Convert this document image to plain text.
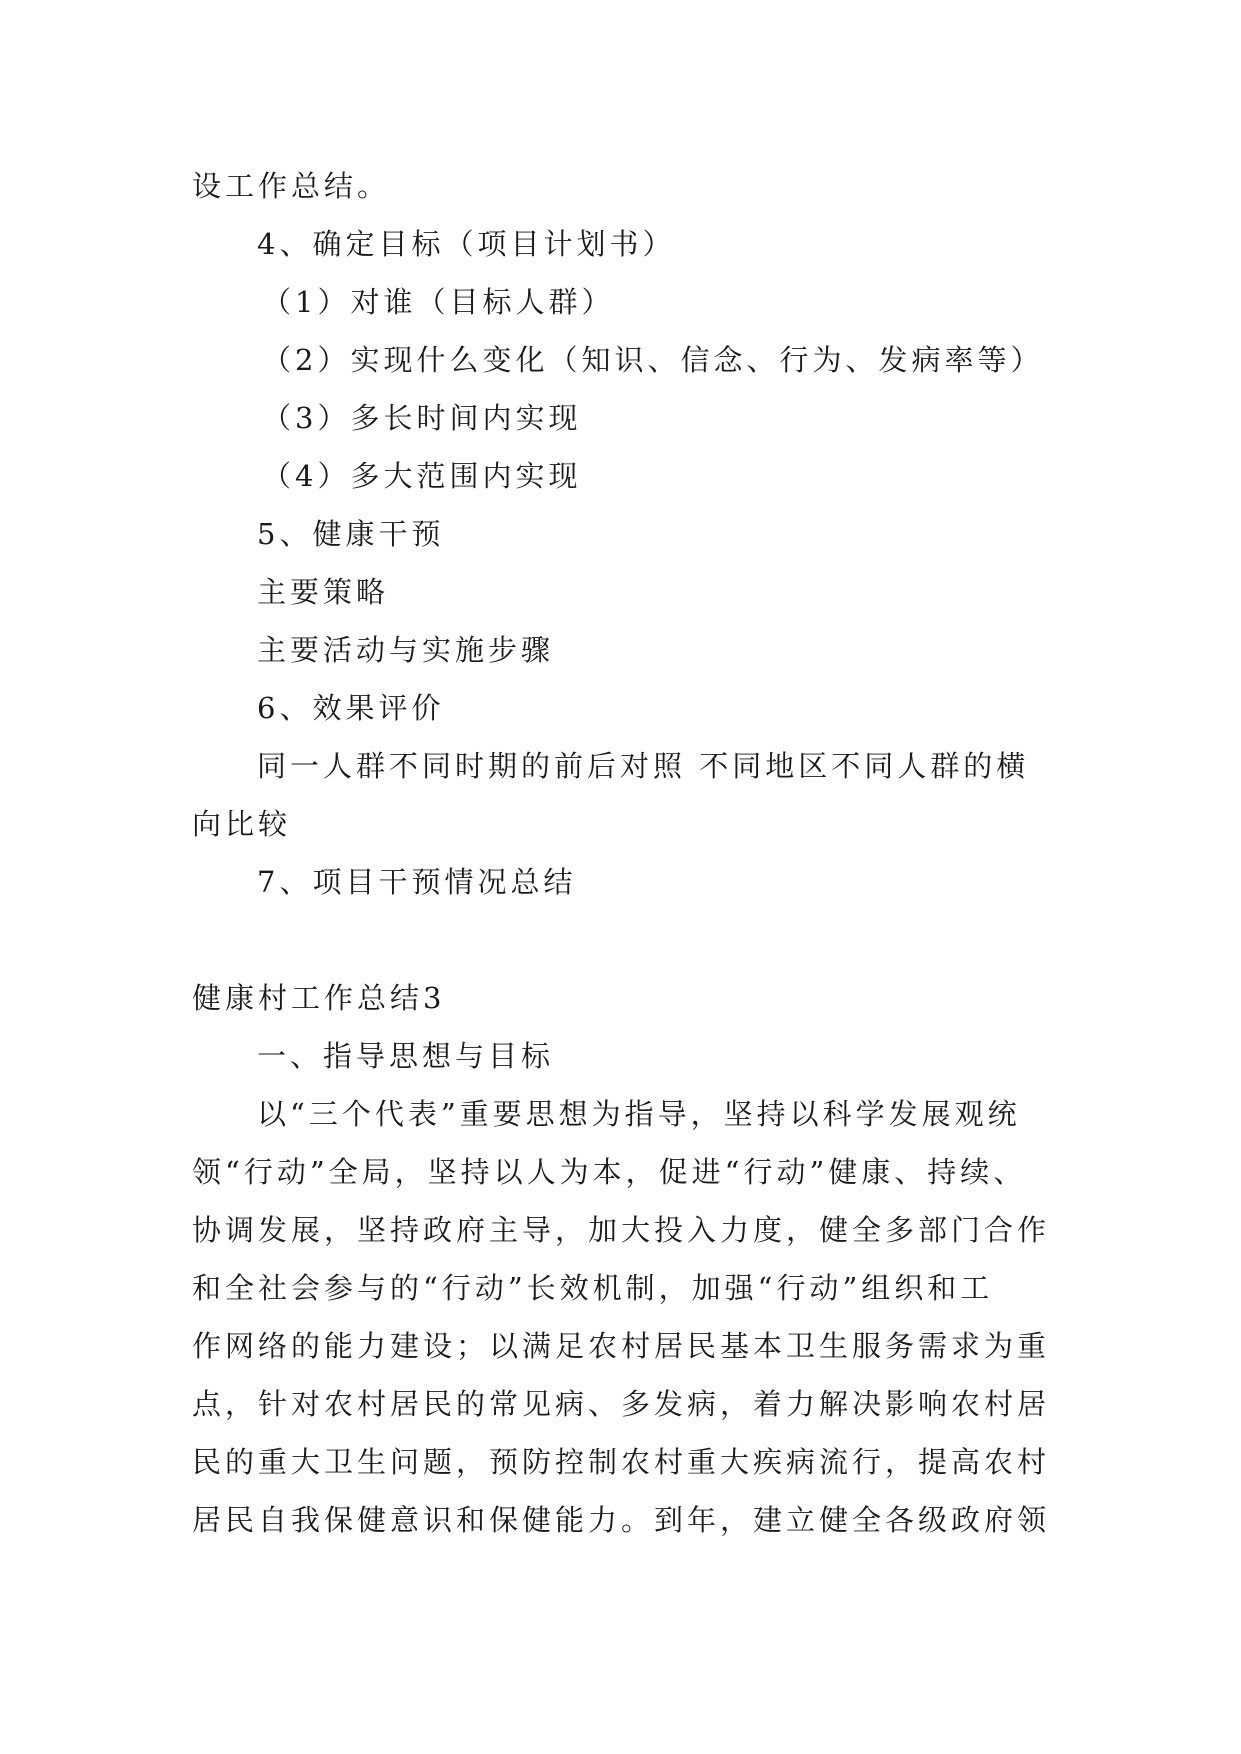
设工作总结。
4、确定目标（项目计划书）
（1）对谁（目标人群）
（2）实现什么变化（知识、信念、行为、发病率等）
（3）多长时间内实现
（4）多大范围内实现
5、健康干预
主要策略
主要活动与实施步骤
6、效果评价
同一人群不同时期的前后对照 不同地区不同人群的横
向比较
7、项目干预情况总结
健康村工作总结3
一、指导思想与目标
以“三个代表”重要思想为指导，坚持以科学发展观统
领“行动”全局，坚持以人为本，促进“行动”健康、持续、
协调发展，坚持政府主导，加大投入力度，健全多部门合作
和全社会参与的“行动”长效机制，加强“行动”组织和工
作网络的能力建设；以满足农村居民基本卫生服务需求为重
点，针对农村居民的常见病、多发病，着力解决影响农村居
民的重大卫生问题，预防控制农村重大疾病流行，提高农村
居民自我保健意识和保健能力。到年，建立健全各级政府领
